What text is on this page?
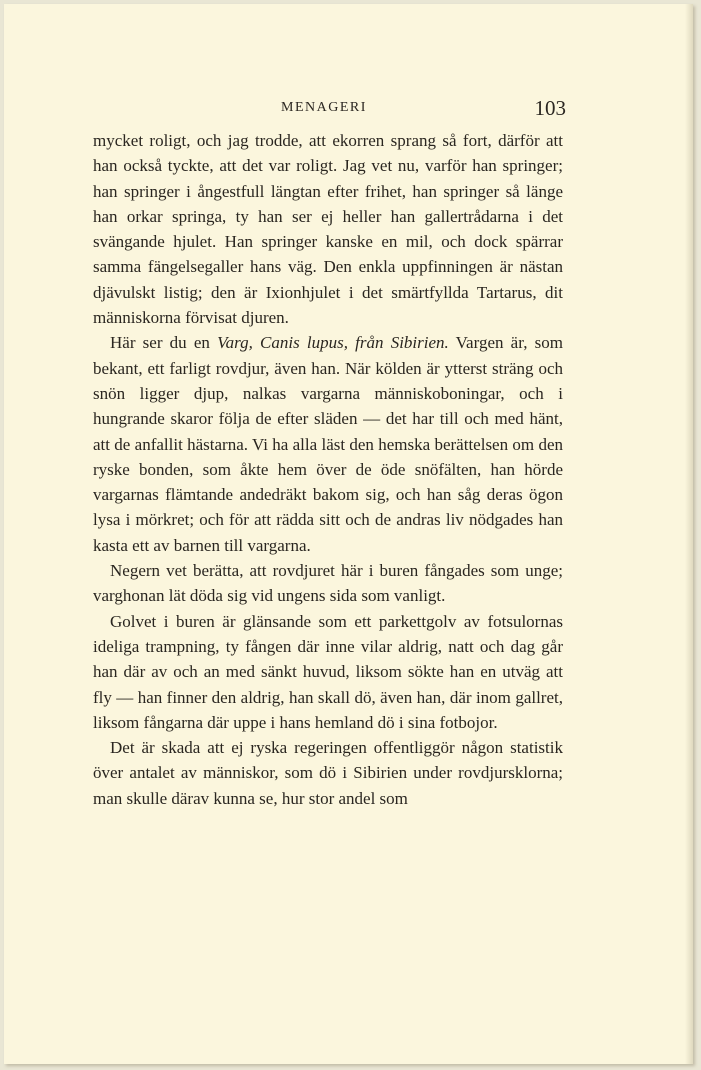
MENAGERI	103

mycket roligt, och jag trodde, att ekorren sprang så fort, därför att han också tyckte, att det var roligt. Jag vet nu, varför han springer; han springer i ångestfull längtan efter frihet, han springer så länge han orkar springa, ty han ser ej heller han gallertrådarna i det svängande hjulet. Han springer kanske en mil, och dock spärrar samma fängelsegaller hans väg. Den enkla uppfinningen är nästan djävulskt listig; den är Ixionhjulet i det smärtfyllda Tartarus, dit människorna förvisat djuren.

Här ser du en Varg, Canis lupus, från Sibirien. Vargen är, som bekant, ett farligt rovdjur, även han. När kölden är ytterst sträng och snön ligger djup, nalkas vargarna människoboningar, och i hungrande skaror följa de efter släden — det har till och med hänt, att de anfallit hästarna. Vi ha alla läst den hemska berättelsen om den ryske bonden, som åkte hem över de öde snöfälten, han hörde vargarnas flämtande andedräkt bakom sig, och han såg deras ögon lysa i mörkret; och för att rädda sitt och de andras liv nödgades han kasta ett av barnen till vargarna.

Negern vet berätta, att rovdjuret här i buren fångades som unge; varghonan lät döda sig vid ungens sida som vanligt.

Golvet i buren är glänsande som ett parkettgolv av fotsulornas ideliga trampning, ty fången där inne vilar aldrig, natt och dag går han där av och an med sänkt huvud, liksom sökte han en utväg att fly — han finner den aldrig, han skall dö, även han, där inom gallret, liksom fångarna där uppe i hans hemland dö i sina fotbojor.

Det är skada att ej ryska regeringen offentliggör någon statistik över antalet av människor, som dö i Sibirien under rovdjursklorna; man skulle därav kunna se, hur stor andel som
